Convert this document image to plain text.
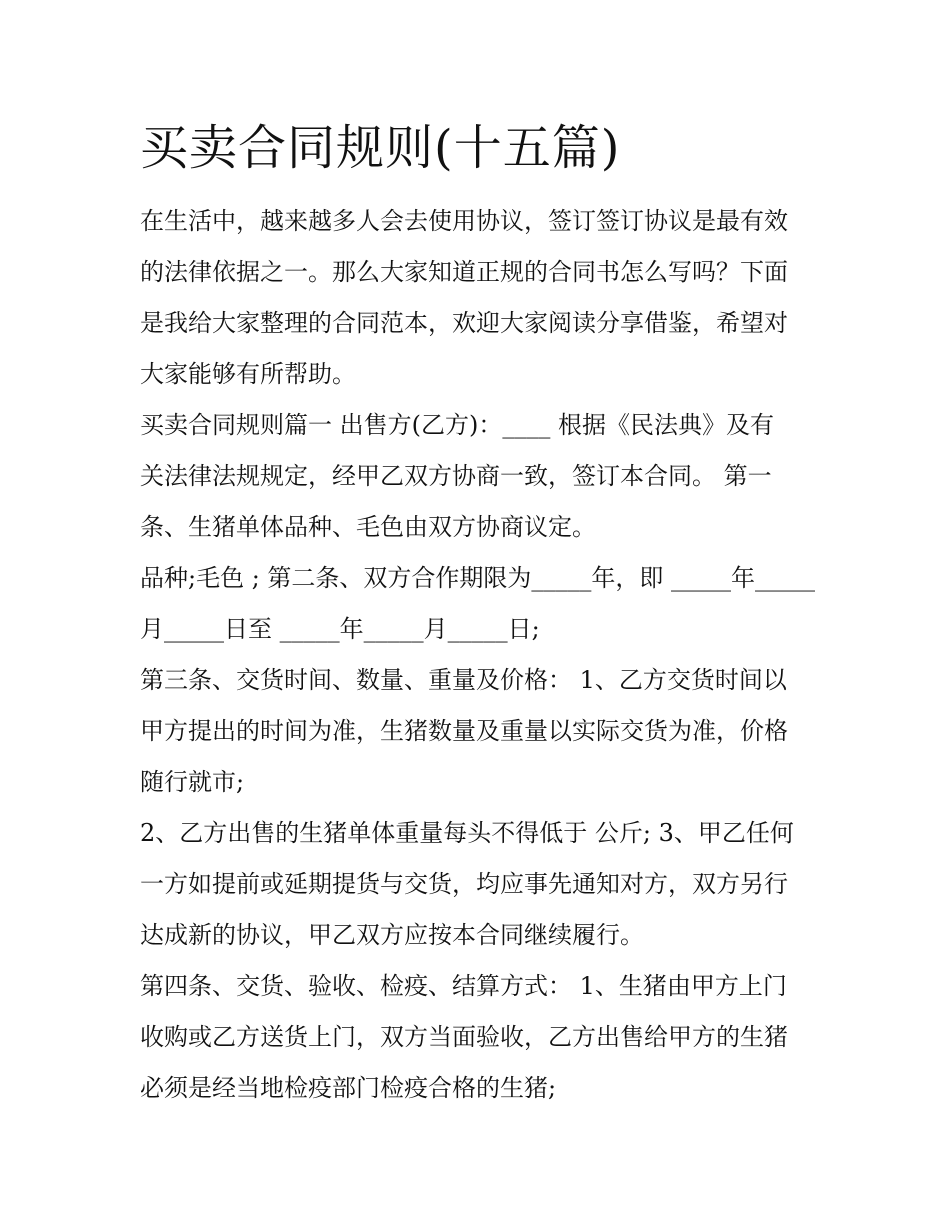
买卖合同规则(十五篇)
在生活中，越来越多人会去使用协议，签订签订协议是最有效
的法律依据之一。那么大家知道正规的合同书怎么写吗？下面
是我给大家整理的合同范本，欢迎大家阅读分享借鉴，希望对
大家能够有所帮助。
买卖合同规则篇一 出售方(乙方)：____ 根据《民法典》及有
关法律法规规定，经甲乙双方协商一致，签订本合同。 第一
条、生猪单体品种、毛色由双方协商议定。
品种;毛色 ; 第二条、双方合作期限为_____年，即 _____年_____
月_____日至 _____年_____月_____日;
第三条、交货时间、数量、重量及价格： 1、乙方交货时间以
甲方提出的时间为准，生猪数量及重量以实际交货为准，价格
随行就市;
2、乙方出售的生猪单体重量每头不得低于 公斤; 3、甲乙任何
一方如提前或延期提货与交货，均应事先通知对方，双方另行
达成新的协议，甲乙双方应按本合同继续履行。
第四条、交货、验收、检疫、结算方式： 1、生猪由甲方上门
收购或乙方送货上门，双方当面验收，乙方出售给甲方的生猪
必须是经当地检疫部门检疫合格的生猪;
